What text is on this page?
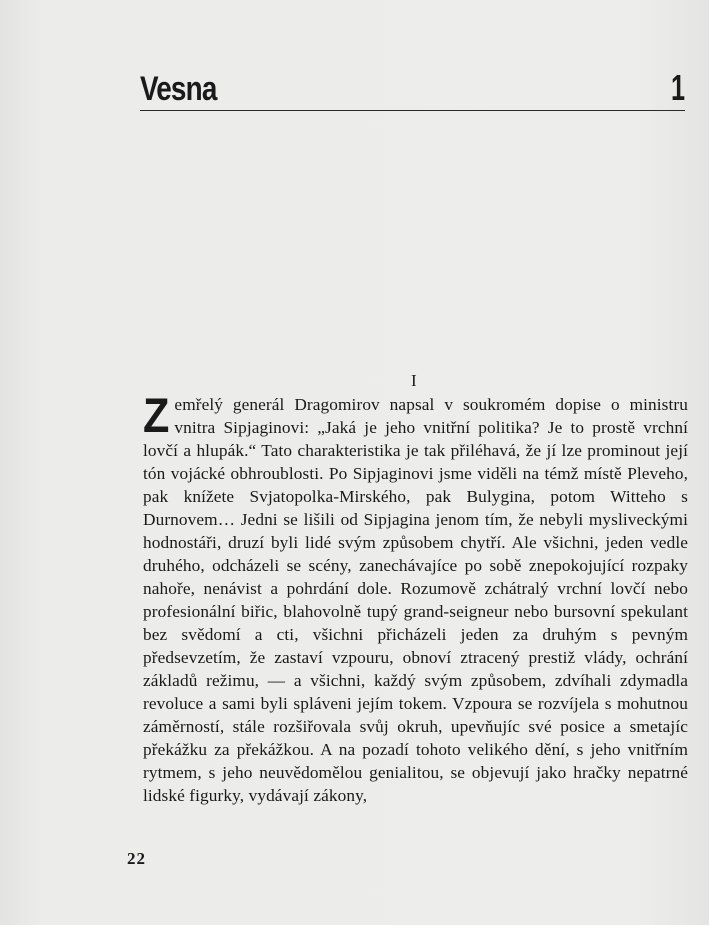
Vesna	1
I

Zemřelý generál Dragomirov napsal v soukromém dopise o ministru vnitra Sipjaginovi: „Jaká je jeho vnitřní politika? Je to prostě vrchní lovčí a hlupák.“ Tato charakteristika je tak přiléhavá, že jí lze prominout její tón vojácké obhroublosti. Po Sipjaginovi jsme viděli na témž místě Pleveho, pak knížete Svjatopolka-Mirského, pak Bulygina, potom Witteho s Durnovem… Jedni se lišili od Sipjagina jenom tím, že nebyli mysliveckými hodnostáři, druzí byli lidé svým způsobem chytří. Ale všichni, jeden vedle druhého, odcházeli se scény, zanechávajíce po sobě znepokojující rozpaky nahoře, nenávist a pohrdání dole. Rozumově zchátralý vrchní lovčí nebo profesionální biřic, blahovolně tupý grand-seigneur nebo bursovní spekulant bez svědomí a cti, všichni přicházeli jeden za druhým s pevným předsevzetím, že zastaví vzpouru, obnoví ztracený prestiž vlády, ochrání základů režimu, — a všichni, každý svým způsobem, zdvíhali zdymadla revoluce a sami byli spláveni jejím tokem. Vzpoura se rozvíjela s mohutnou záměrností, stále rozšiřovala svůj okruh, upevňujíc své posice a smetajíc překážku za překážkou. A na pozadí tohoto velikého dění, s jeho vnitřním rytmem, s jeho neuvědomělou genialitou, se objevují jako hračky nepatrné lidské figurky, vydávají zákony,

22
